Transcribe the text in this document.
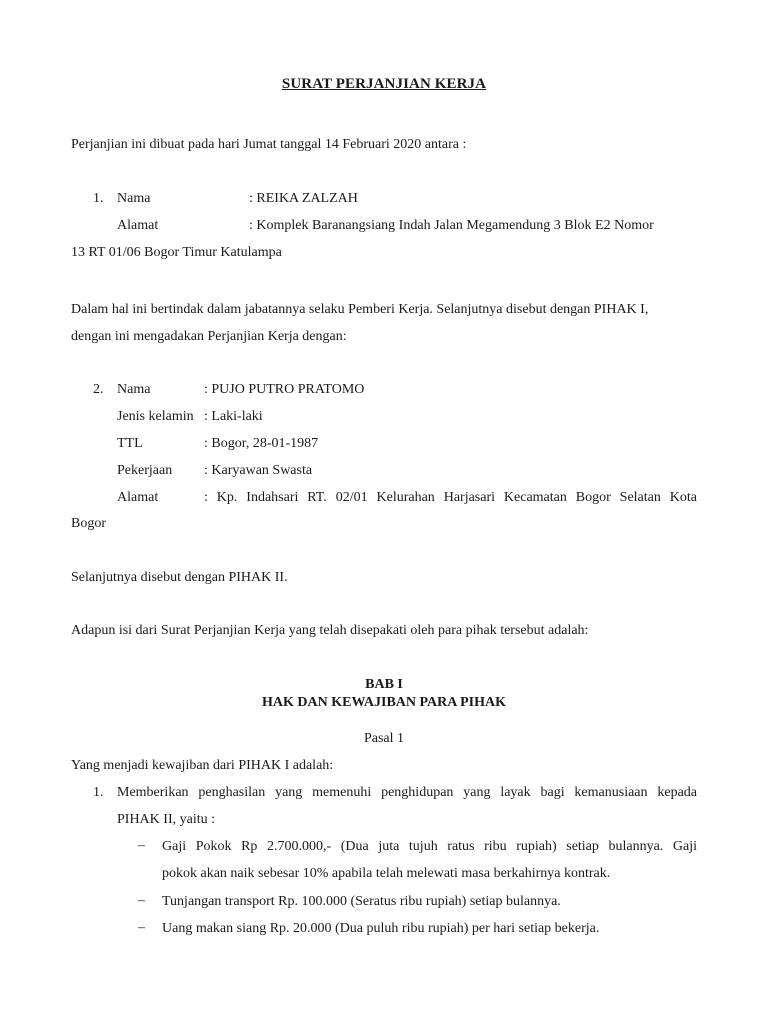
SURAT PERJANJIAN KERJA
Perjanjian ini dibuat pada hari Jumat tanggal 14 Februari 2020 antara :
1. Nama	: REIKA ZALZAH
Alamat	: Komplek Baranangsiang Indah Jalan Megamendung 3 Blok E2 Nomor
13 RT 01/06 Bogor Timur Katulampa
Dalam hal ini bertindak dalam jabatannya selaku Pemberi Kerja. Selanjutnya disebut dengan PIHAK I,
dengan ini mengadakan Perjanjian Kerja dengan:
2. Nama	: PUJO PUTRO PRATOMO
Jenis kelamin : Laki-laki
TTL	: Bogor, 28-01-1987
Pekerjaan : Karyawan Swasta
Alamat	: Kp. Indahsari RT. 02/01 Kelurahan Harjasari Kecamatan Bogor Selatan Kota
Bogor
Selanjutnya disebut dengan PIHAK II.
Adapun isi dari Surat Perjanjian Kerja yang telah disepakati oleh para pihak tersebut adalah:
BAB I
HAK DAN KEWAJIBAN PARA PIHAK
Pasal 1
Yang menjadi kewajiban dari PIHAK I adalah:
1. Memberikan penghasilan yang memenuhi penghidupan yang layak bagi kemanusiaan kepada
PIHAK II, yaitu :
– Gaji Pokok Rp 2.700.000,- (Dua juta tujuh ratus ribu rupiah) setiap bulannya. Gaji
pokok akan naik sebesar 10% apabila telah melewati masa berkahirnya kontrak.
– Tunjangan transport Rp. 100.000 (Seratus ribu rupiah) setiap bulannya.
– Uang makan siang Rp. 20.000 (Dua puluh ribu rupiah) per hari setiap bekerja.
